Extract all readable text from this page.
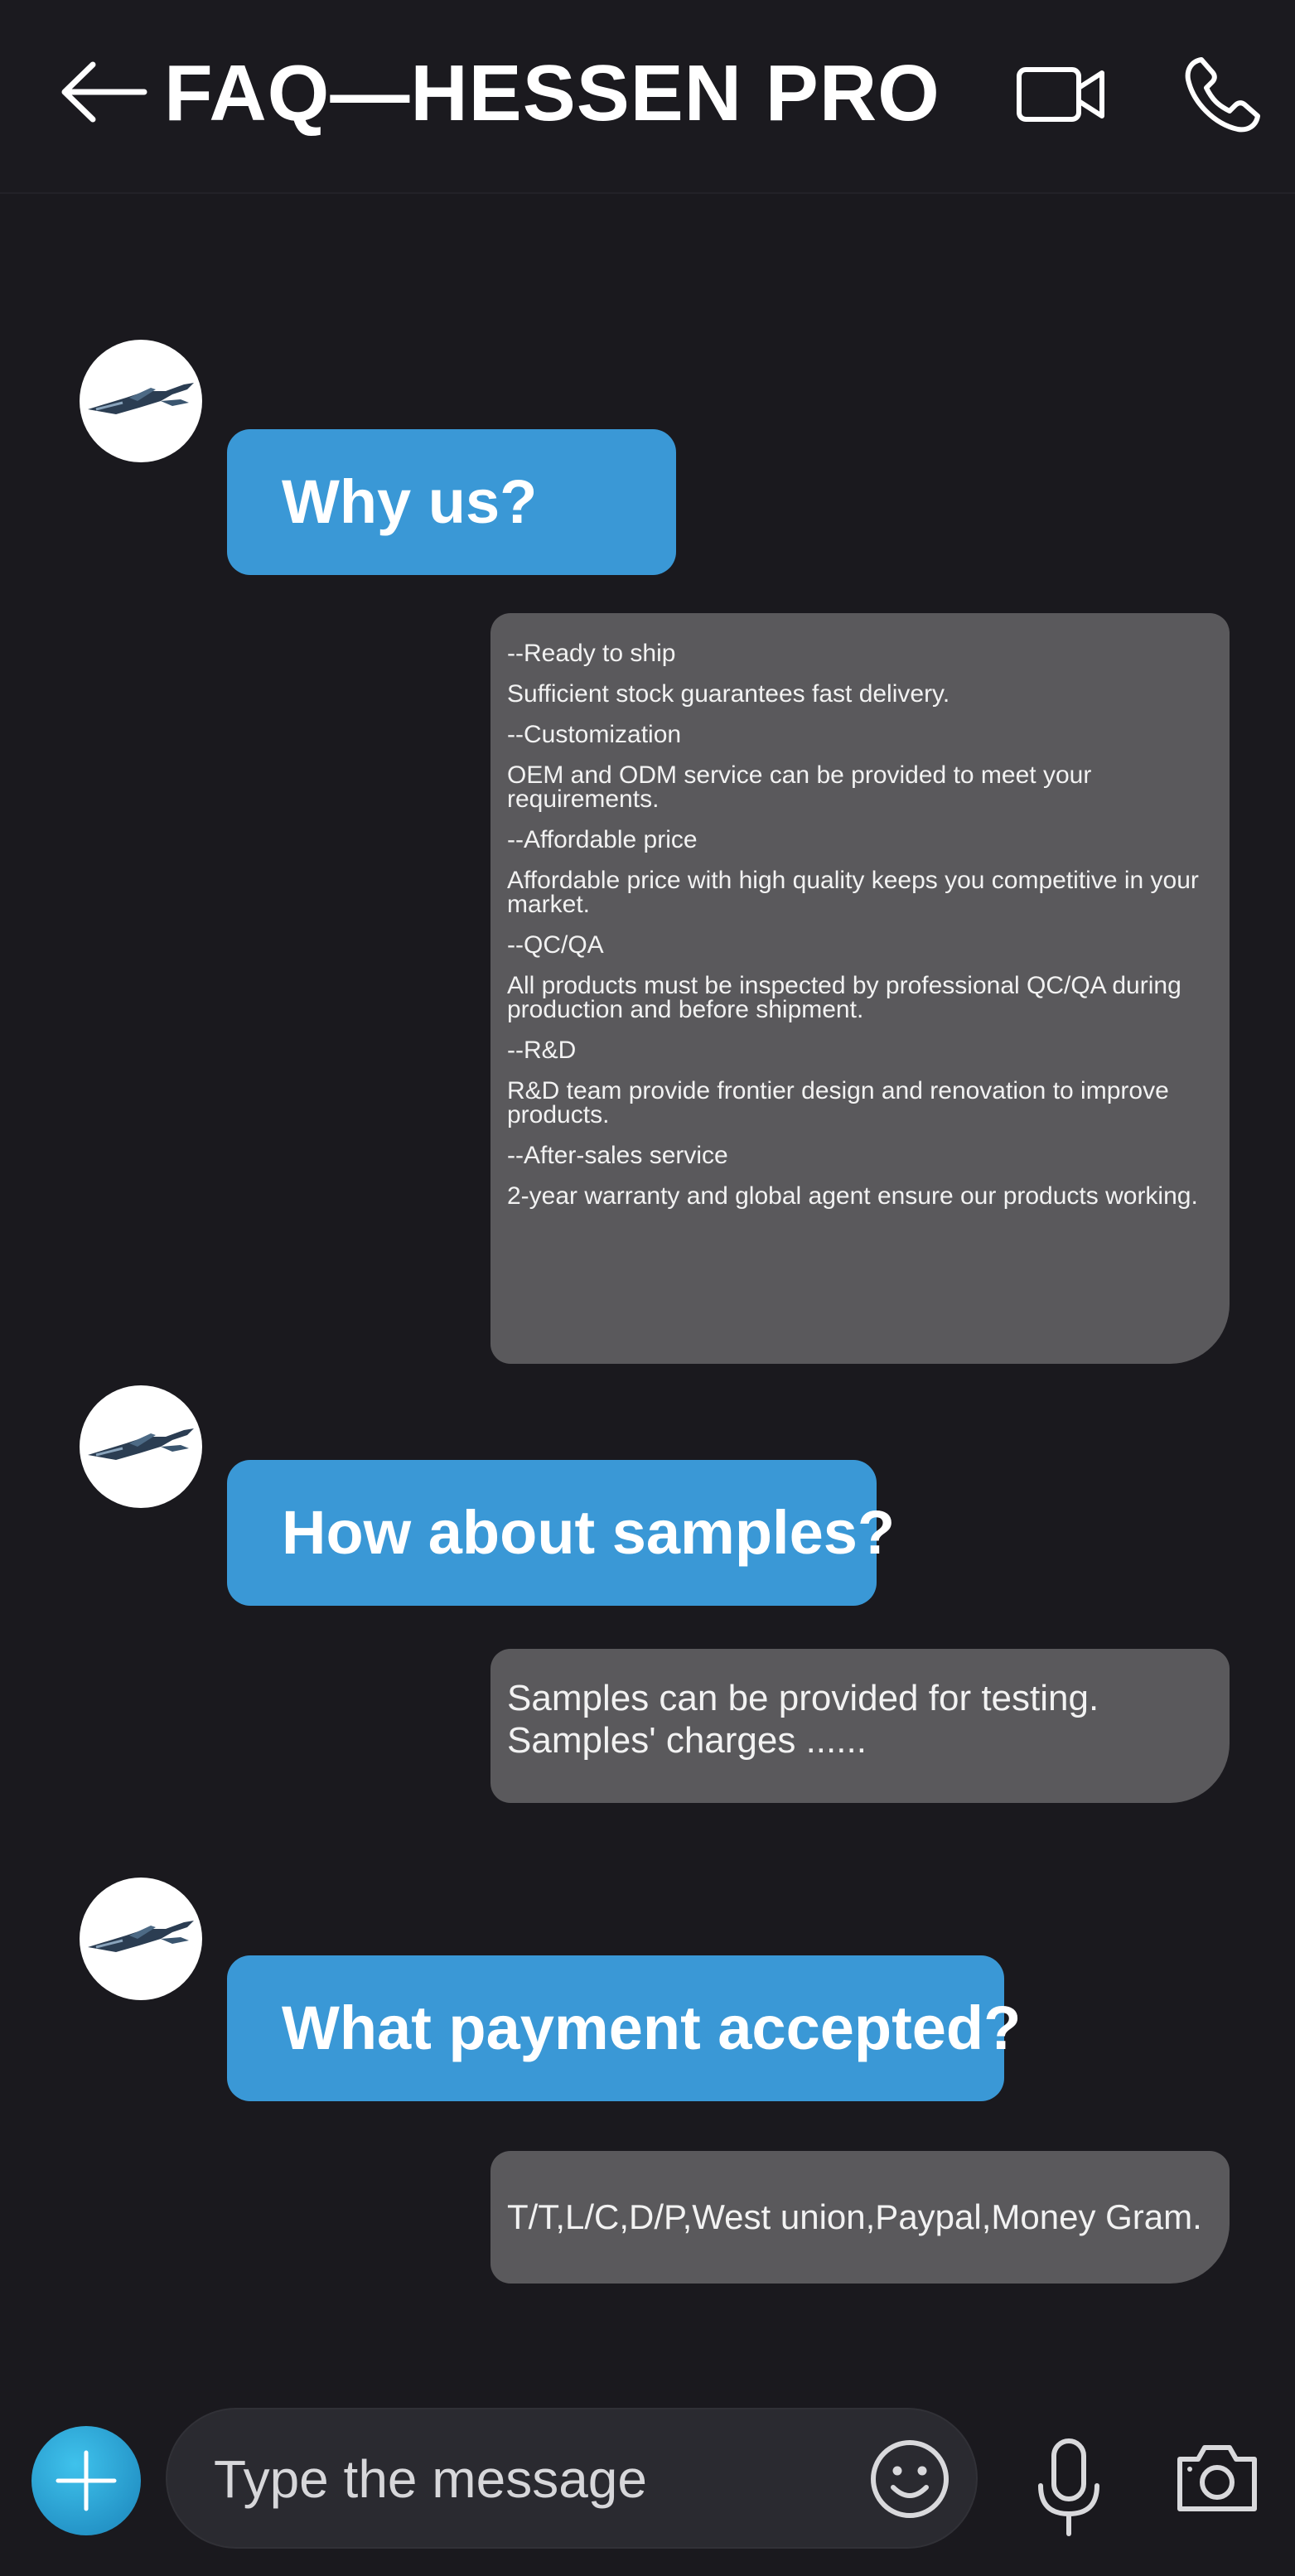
FAQ—HESSEN PRO
Why us?

--Ready to ship

Sufficient stock guarantees fast delivery.

--Customization

OEM and ODM service can be provided to meet your requirements.

--Affordable price

Affordable price with high quality keeps you competitive in your market.

--QC/QA

All products must be inspected by professional QC/QA during production and before shipment.

--R&D

R&D team provide frontier design and renovation to improve products.

--After-sales service

2-year warranty and global agent ensure our products working.

How about samples?

Samples can be provided for testing.

Samples' charges ......

What payment accepted?

T/T,L/C,D/P,West union,Paypal,Money Gram.

Type the message
